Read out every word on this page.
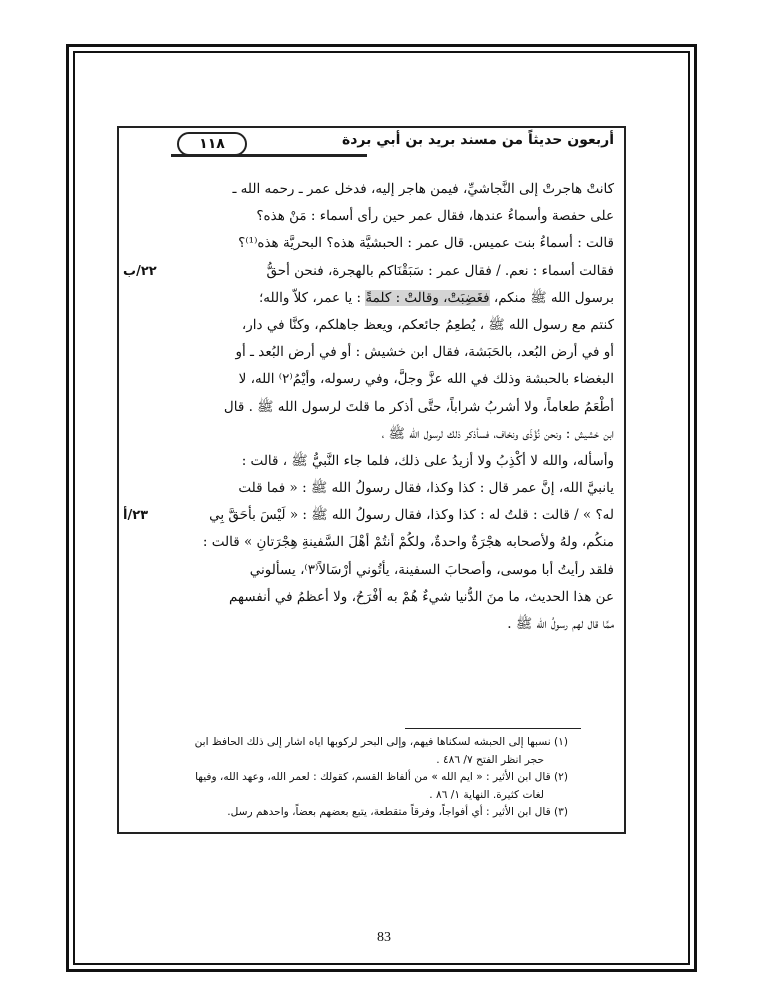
١١٨	أربعون حديثاً من مسند بريد بن أبي بردة
كانتْ هاجرتْ إلى النَّجاشيِّ، فيمن هاجر إليه، فدخل عمر ـ رحمه الله ـ
على حفصة وأسماءُ عندها، فقال عمر حين رأى أسماء : مَنْ هذه؟
قالت : أسماءُ بنت عميس. قال عمر : الحبشيَّة هذه؟ البحريَّة هذه⁽¹⁾؟
فقالت أسماء : نعم. / فقال عمر : سَبَقْنَاكم بالهجرة، فنحن أحقُّ
٢٢/ب
برسول الله ﷺ منكم، فغَضِبَتْ، وقالتْ : كلمةً : يا عمر، كلاّ والله؛
كنتم مع رسول الله ﷺ ، يُطعِمُ جائعكم، ويعظ جاهلكم، وكنَّا في دار،
أو في أرض البُعد، بالحَبَشة، فقال ابن خشيش : أو في أرض البُعد ـ أو
البغضاء بالحبشة وذلك في الله عزَّ وجلَّ، وفي رسوله، وأيْمُ⁽٢⁾ الله، لا
أطْعَمُ طعاماً، ولا أشربُ شراباً، حتَّى أذكر ما قلتَ لرسول الله ﷺ . قال
ابن خشيش : ونحن نُؤْذَى ونخاف، فسأذكر ذلك لرسول الله ﷺ ،
وأسأله، والله لا أكْذِبُ ولا أزيدُ على ذلك، فلما جاء النَّبيُّ ﷺ ، قالت :
يانبيَّ الله، إنَّ عمر قال : كذا وكذا، فقال رسولُ الله ﷺ : « فما قلت
له؟ » / قالت : قلتُ له : كذا وكذا، فقال رسولُ الله ﷺ : « لَيْسَ بأحَقَّ بِي
٢٣/أ
منكُم، ولهُ ولأصحابه هجْرَةٌ واحدةٌ، ولكُمْ أنتُمْ أهْلَ السَّفينةِ هِجْرَتانِ » قالت :
فلقد رأيتُ أبا موسى، وأصحابَ السفينة، يأتُوني أرْسَالاً⁽٣⁾، يسألوني
عن هذا الحديث، ما منَ الدُّنيا شيءٌ هُمْ به أفْرَحُ، ولا أعظمُ في أنفسهم
ممَّا قال لهم رسولُ الله ﷺ .
(١) نسبها إلى الحبشه لسكناها فيهم، وإلى البحر لركوبها اياه اشار إلى ذلك الحافظ ابن
حجر انظر الفتح ٧/ ٤٨٦ .
(٢) قال ابن الأثير : « ايم الله » من ألفاظ القسم، كقولك : لعمر الله، وعهد الله، وفيها
لغات كثيرة. النهاية ١/ ٨٦ .
(٣) قال ابن الأثير : أي أفواجاً، وفرقاً متقطعة، يتبع بعضهم بعضاً، واحدهم رسل.
83
